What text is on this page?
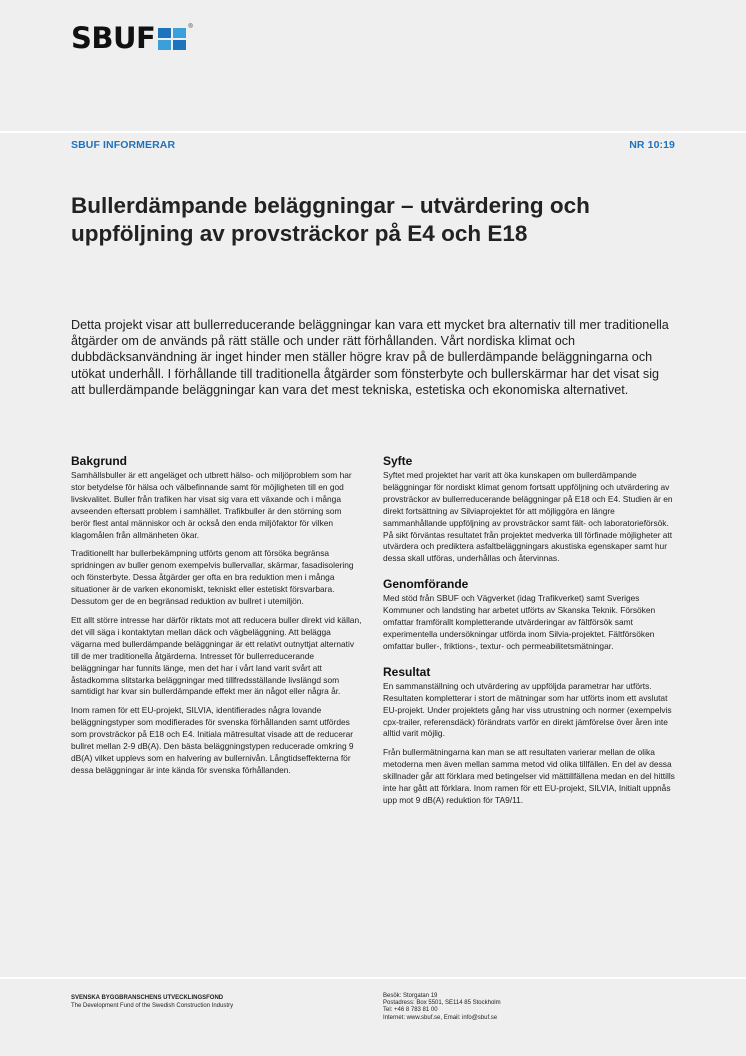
SBUF	®
SBUF INFORMERAR	NR 10:19
Bullerdämpande beläggningar – utvärdering och uppföljning av provsträckor på E4 och E18

Detta projekt visar att bullerreducerande beläggningar kan vara ett mycket bra alternativ till mer traditionella åtgärder om de används på rätt ställe och under rätt förhållanden. Vårt nordiska klimat och dubbdäcksanvändning är inget hinder men ställer högre krav på de bullerdämpande beläggningarna och utökat underhåll. I förhållande till traditionella åtgärder som fönsterbyte och bullerskärmar har det visat sig att bullerdämpande beläggningar kan vara det mest tekniska, estetiska och ekonomiska alternativet.

Bakgrund

Samhällsbuller är ett angeläget och utbrett hälso- och miljöproblem som har stor betydelse för hälsa och välbefinnande samt för möjligheten till en god livskvalitet. Buller från trafiken har visat sig vara ett växande och i många avseenden eftersatt problem i samhället. Trafikbuller är den störning som berör flest antal människor och är också den enda miljöfaktor för vilken klagomålen från allmänheten ökar.

Traditionellt har bullerbekämpning utförts genom att försöka begränsa spridningen av buller genom exempelvis bullervallar, skärmar, fasadisolering och fönsterbyte. Dessa åtgärder ger ofta en bra reduktion men i många situationer är de varken ekonomiskt, tekniskt eller estetiskt försvarbara. Dessutom ger de en begränsad reduktion av bullret i utemiljön.

Ett allt större intresse har därför riktats mot att reducera buller direkt vid källan, det vill säga i kontaktytan mellan däck och vägbeläggning. Att belägga vägarna med bullerdämpande beläggningar är ett relativt outnyttjat alternativ till de mer traditionella åtgärderna. Intresset för bullerreducerande beläggningar har funnits länge, men det har i vårt land varit svårt att åstadkomma slitstarka beläggningar med tillfredsställande livslängd som samtidigt har kvar sin bullerdämpande effekt mer än något eller några år.

Inom ramen för ett EU-projekt, SILVIA, identifierades några lovande beläggningstyper som modifierades för svenska förhållanden samt utfördes som provsträckor på E18 och E4. Initiala mätresultat visade att de reducerar bullret mellan 2-9 dB(A). Den bästa beläggningstypen reducerade omkring 9 dB(A) vilket upplevs som en halvering av bullernivån. Långtidseffekterna för dessa beläggningar är inte kända för svenska förhållanden.

Syfte

Syftet med projektet har varit att öka kunskapen om bullerdämpande beläggningar för nordiskt klimat genom fortsatt uppföljning och utvärdering av provsträckor av bullerreducerande beläggningar på E18 och E4. Studien är en direkt fortsättning av Silviaprojektet för att möjliggöra en längre sammanhållande uppföljning av provsträckor samt fält- och laboratorieförsök. På sikt förväntas resultatet från projektet medverka till förfinade möjligheter att utvärdera och prediktera asfaltbeläggningars akustiska egenskaper samt hur dessa skall utföras, underhållas och återvinnas.

Genomförande

Med stöd från SBUF och Vägverket (idag Trafikverket) samt Sveriges Kommuner och landsting har arbetet utförts av Skanska Teknik. Försöken omfattar framförallt kompletterande utvärderingar av fältförsök samt experimentella undersökningar utförda inom Silvia-projektet. Fältförsöken omfattar buller-, friktions-, textur- och permeabilitetsmätningar.

Resultat

En sammanställning och utvärdering av uppföljda parametrar har utförts. Resultaten kompletterar i stort de mätningar som har utförts inom ett avslutat EU-projekt. Under projektets gång har viss utrustning och normer (exempelvis cpx-trailer, referensdäck) förändrats varför en direkt jämförelse över åren inte alltid varit möjlig.

Från bullermätningarna kan man se att resultaten varierar mellan de olika metoderna men även mellan samma metod vid olika tillfällen. En del av dessa skillnader går att förklara med betingelser vid mättillfällena medan en del hittills inte har gått att förklara. Inom ramen för ett EU-projekt, SILVIA, Initialt uppnås upp mot 9 dB(A) reduktion för TA9/11.

SVENSKA BYGGBRANSCHENS UTVECKLINGSFOND
The Development Fund of the Swedish Construction Industry
Besök: Storgatan 19
Postadress: Box 5501, SE114 85 Stockholm
Tel: +46 8 783 81 00
Internet: www.sbuf.se, Email: info@sbuf.se
